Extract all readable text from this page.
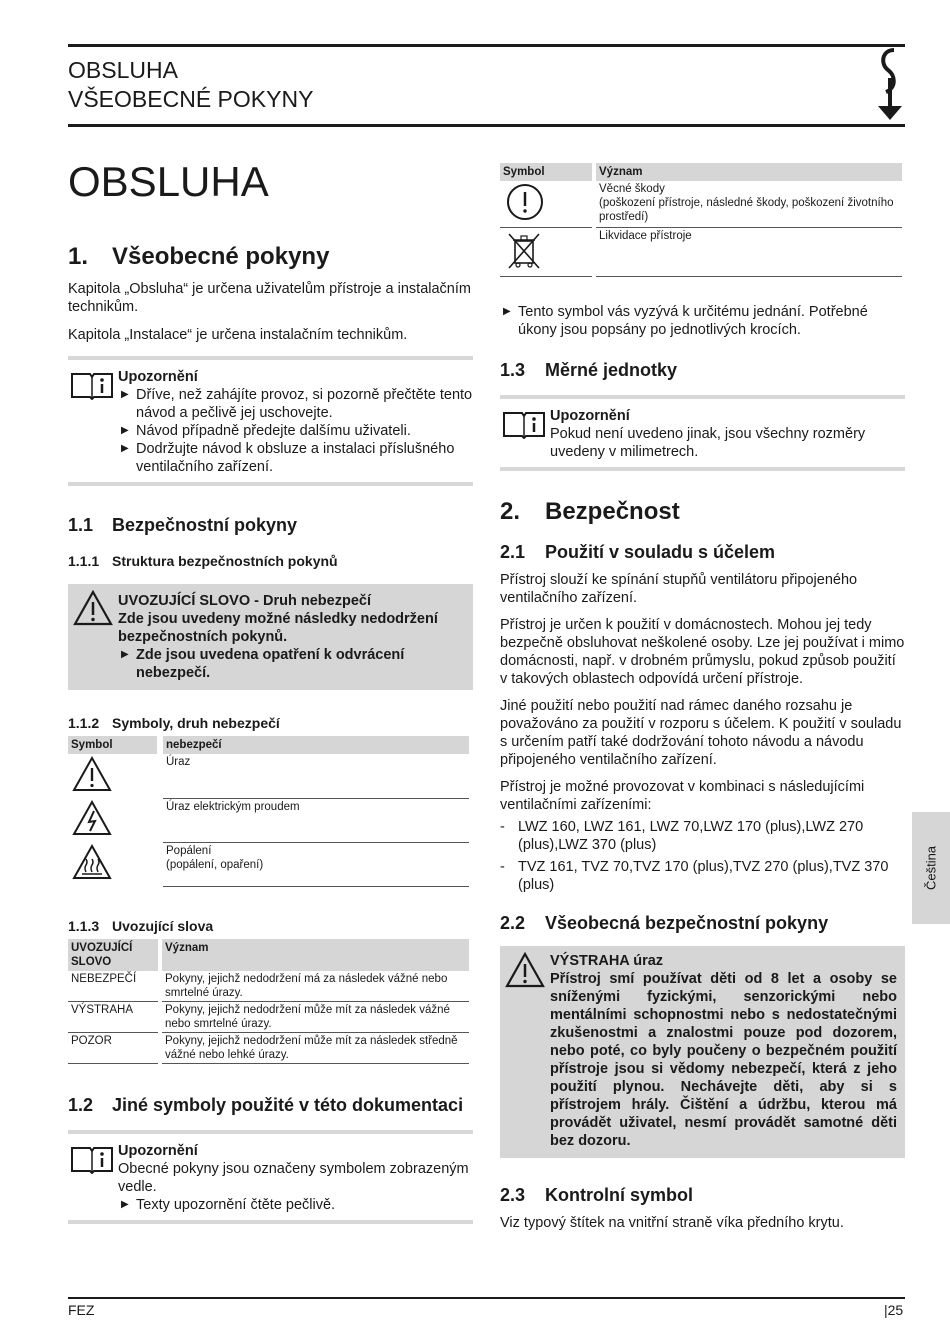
OBSLUHA
VŠEOBECNÉ POKYNY
OBSLUHA
1. Všeobecné pokyny

Kapitola „Obsluha“ je určena uživatelům přístroje a instalačním technikům.

Kapitola „Instalace“ je určena instalačním technikům.

Upozornění
▶ Dříve, než zahájíte provoz, si pozorně přečtěte tento návod a pečlivě jej uschovejte.
▶ Návod případně předejte dalšímu uživateli.
▶ Dodržujte návod k obsluze a instalaci příslušného ventilačního zařízení.
1.1 Bezpečnostní pokyny
1.1.1 Struktura bezpečnostních pokynů
UVOZUJÍCÍ SLOVO - Druh nebezpečí
Zde jsou uvedeny možné následky nedodržení bezpečnostních pokynů.
▶ Zde jsou uvedena opatření k odvrácení nebezpečí.
1.1.2 Symboly, druh nebezpečí
Symbol	nebezpečí
	Úraz
	Úraz elektrickým proudem

Popálení
(popálení, opaření)
1.1.3 Uvozující slova
UVOZUJÍCÍ
SLOVO	Význam
NEBEZPEČÍ	Pokyny, jejichž nedodržení má za následek vážné nebo smrtelné úrazy.
VÝSTRAHA	Pokyny, jejichž nedodržení může mít za následek vážné nebo smrtelné úrazy.
POZOR	Pokyny, jejichž nedodržení může mít za následek středně vážné nebo lehké úrazy.
1.2 Jiné symboly použité v této dokumentaci
Upozornění
Obecné pokyny jsou označeny symbolem zobrazeným vedle.
▶ Texty upozornění čtěte pečlivě.
Symbol	Význam

Věcné škody
(poškození přístroje, následné škody, poškození životního prostředí)

	Likvidace přístroje
▶ Tento symbol vás vyzývá k určitému jednání. Potřebné úkony jsou popsány po jednotlivých krocích.
1.3 Měrné jednotky
Upozornění
Pokud není uvedeno jinak, jsou všechny rozměry uvedeny v milimetrech.
2. Bezpečnost
2.1 Použití v souladu s účelem

Přístroj slouží ke spínání stupňů ventilátoru připojeného ventilačního zařízení.

Přístroj je určen k použití v domácnostech. Mohou jej tedy bezpečně obsluhovat neškolené osoby. Lze jej používat i mimo domácnosti, např. v drobném průmyslu, pokud způsob použití v takových oblastech odpovídá určení přístroje.

Jiné použití nebo použití nad rámec daného rozsahu je považováno za použití v rozporu s účelem. K použití v souladu s určením patří také dodržování tohoto návodu a návodu připojeného ventilačního zařízení.

Přístroj je možné provozovat v kombinaci s následujícími ventilačními zařízeními:

- LWZ 160, LWZ 161, LWZ 70,LWZ 170 (plus),LWZ 270 (plus),LWZ 370 (plus)
- TVZ 161, TVZ 70,TVZ 170 (plus),TVZ 270 (plus),TVZ 370 (plus)
2.2 Všeobecná bezpečnostní pokyny
VÝSTRAHA úraz
Přístroj smí používat děti od 8 let a osoby se sníženými fyzickými, senzorickými nebo mentálními schopnostmi nebo s nedostatečnými zkušenostmi a znalostmi pouze pod dozorem, nebo poté, co byly poučeny o bezpečném použití přístroje jsou si vědomy nebezpečí, která z jeho použití plynou. Nechávejte děti, aby si s přístrojem hrály. Čištění a údržbu, kterou má provádět uživatel, nesmí provádět samotné děti bez dozoru.
2.3 Kontrolní symbol

Viz typový štítek na vnitřní straně víka předního krytu.

Čeština
FEZ	|25
